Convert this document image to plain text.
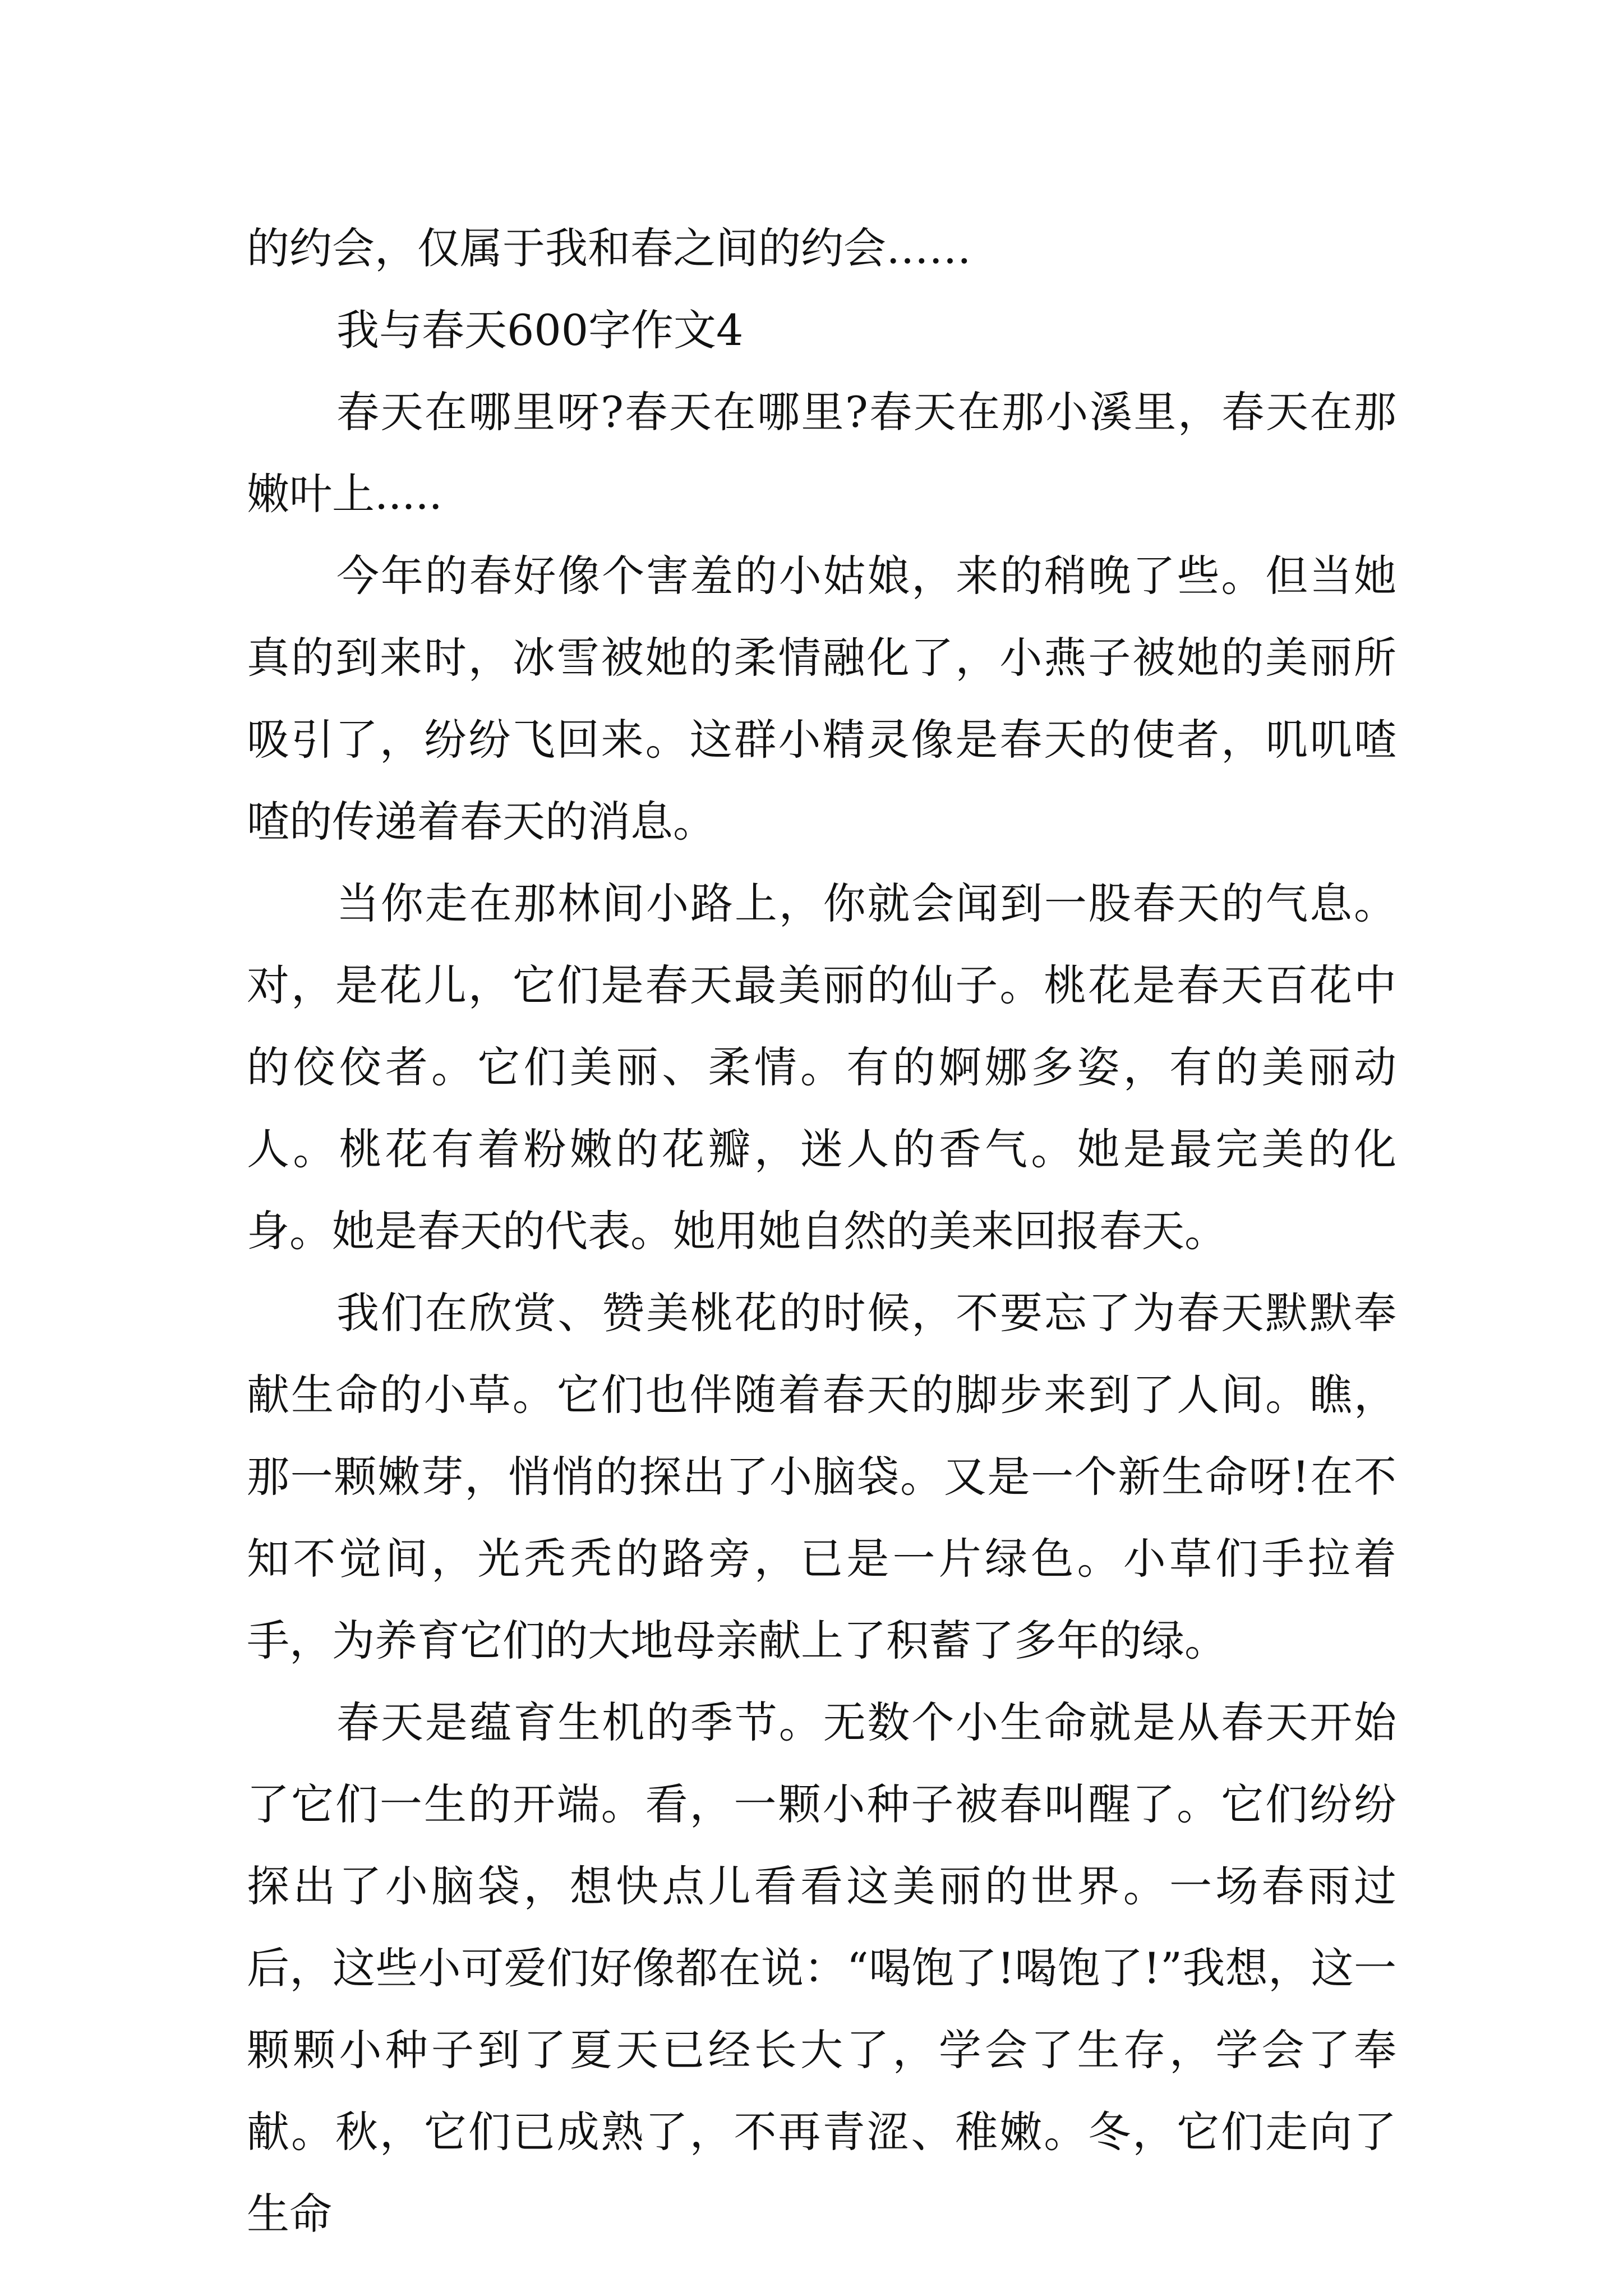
的约会，仅属于我和春之间的约会……

我与春天600字作文4

春天在哪里呀?春天在哪里?春天在那小溪里，春天在那嫩叶上.....

今年的春好像个害羞的小姑娘，来的稍晚了些。但当她真的到来时，冰雪被她的柔情融化了，小燕子被她的美丽所吸引了，纷纷飞回来。这群小精灵像是春天的使者，叽叽喳喳的传递着春天的消息。

当你走在那林间小路上，你就会闻到一股春天的气息。对，是花儿，它们是春天最美丽的仙子。桃花是春天百花中的佼佼者。它们美丽、柔情。有的婀娜多姿，有的美丽动人。桃花有着粉嫩的花瓣，迷人的香气。她是最完美的化身。她是春天的代表。她用她自然的美来回报春天。

我们在欣赏、赞美桃花的时候，不要忘了为春天默默奉献生命的小草。它们也伴随着春天的脚步来到了人间。瞧，那一颗嫩芽，悄悄的探出了小脑袋。又是一个新生命呀!在不知不觉间，光秃秃的路旁，已是一片绿色。小草们手拉着手，为养育它们的大地母亲献上了积蓄了多年的绿。

春天是蕴育生机的季节。无数个小生命就是从春天开始了它们一生的开端。看，一颗小种子被春叫醒了。它们纷纷探出了小脑袋，想快点儿看看这美丽的世界。一场春雨过后，这些小可爱们好像都在说：“喝饱了!喝饱了!”我想，这一颗颗小种子到了夏天已经长大了，学会了生存，学会了奉献。秋，它们已成熟了，不再青涩、稚嫩。冬，它们走向了生命
